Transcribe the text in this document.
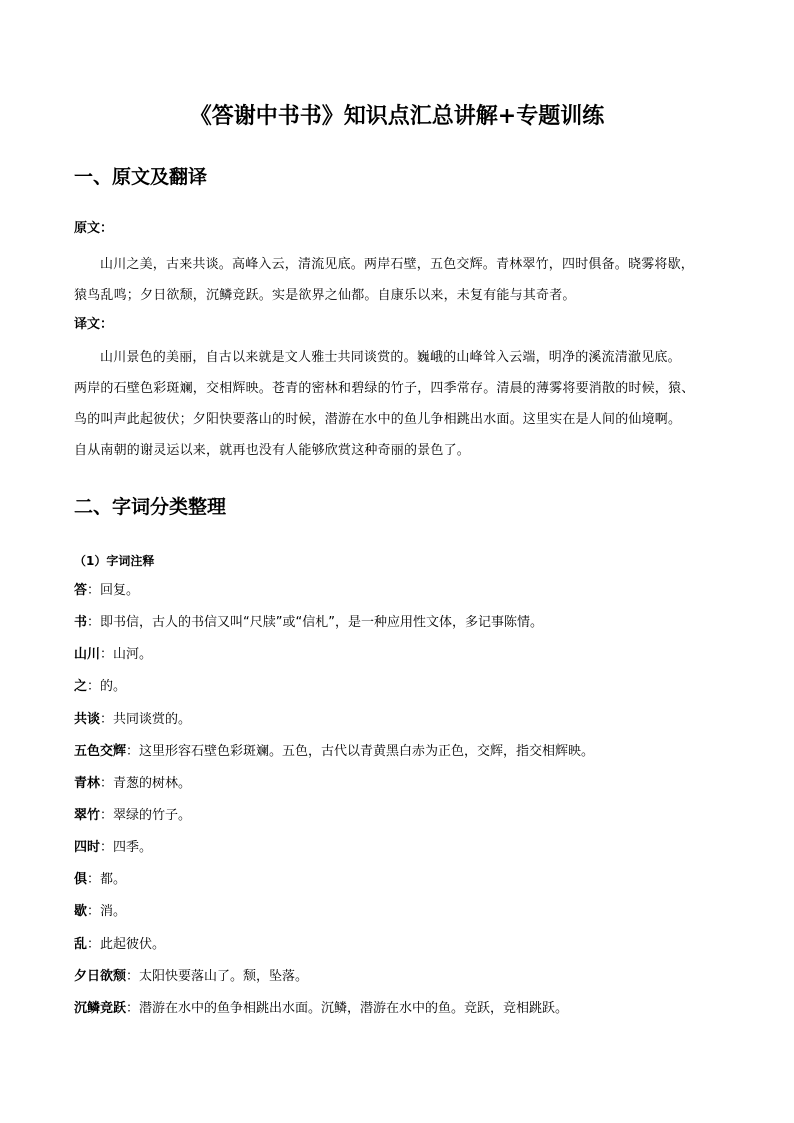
《答谢中书书》知识点汇总讲解+专题训练
一、原文及翻译
原文：
山川之美，古来共谈。高峰入云，清流见底。两岸石壁，五色交辉。青林翠竹，四时俱备。晓雾将歇，
猿鸟乱鸣；夕日欲颓，沉鳞竞跃。实是欲界之仙都。自康乐以来，未复有能与其奇者。
译文：
山川景色的美丽，自古以来就是文人雅士共同谈赏的。巍峨的山峰耸入云端，明净的溪流清澈见底。
两岸的石壁色彩斑斓，交相辉映。苍青的密林和碧绿的竹子，四季常存。清晨的薄雾将要消散的时候，猿、
鸟的叫声此起彼伏；夕阳快要落山的时候，潜游在水中的鱼儿争相跳出水面。这里实在是人间的仙境啊。
自从南朝的谢灵运以来，就再也没有人能够欣赏这种奇丽的景色了。
二、字词分类整理
（1）字词注释
答：回复。
书：即书信，古人的书信又叫“尺牍”或“信札”，是一种应用性文体，多记事陈情。
山川：山河。
之：的。
共谈：共同谈赏的。
五色交辉：这里形容石壁色彩斑斓。五色，古代以青黄黑白赤为正色，交辉，指交相辉映。
青林：青葱的树林。
翠竹：翠绿的竹子。
四时：四季。
俱：都。
歇：消。
乱：此起彼伏。
夕日欲颓：太阳快要落山了。颓，坠落。
沉鳞竞跃：潜游在水中的鱼争相跳出水面。沉鳞，潜游在水中的鱼。竞跃，竞相跳跃。
